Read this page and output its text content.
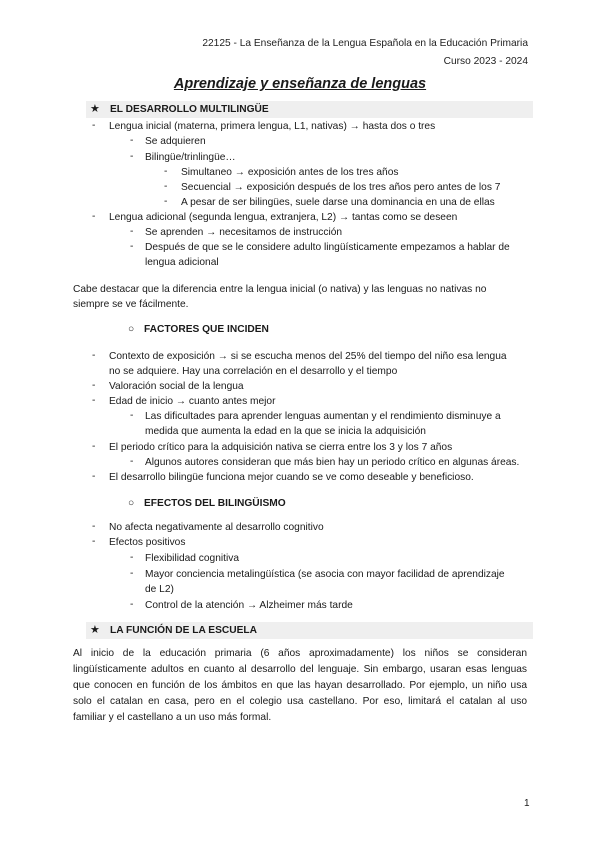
22125 - La Enseñanza de la Lengua Española en la Educación Primaria
Curso 2023 - 2024
Aprendizaje y enseñanza de lenguas
★ EL DESARROLLO MULTILINGÜE
- Lengua inicial (materna, primera lengua, L1, nativas) → hasta dos o tres
- Se adquieren
- Bilingüe/trinlingüe…
- Simultaneo → exposición antes de los tres años
- Secuencial → exposición después de los tres años pero antes de los 7
- A pesar de ser bilingües, suele darse una dominancia en una de ellas
- Lengua adicional (segunda lengua, extranjera, L2) → tantas como se deseen
- Se aprenden → necesitamos de instrucción
- Después de que se le considere adulto lingüísticamente empezamos a hablar de
lengua adicional
Cabe destacar que la diferencia entre la lengua inicial (o nativa) y las lenguas no nativas no
siempre se ve fácilmente.
○ FACTORES QUE INCIDEN
- Contexto de exposición → si se escucha menos del 25% del tiempo del niño esa lengua
no se adquiere. Hay una correlación en el desarrollo y el tiempo
- Valoración social de la lengua
- Edad de inicio → cuanto antes mejor
- Las dificultades para aprender lenguas aumentan y el rendimiento disminuye a
medida que aumenta la edad en la que se inicia la adquisición
- El periodo crítico para la adquisición nativa se cierra entre los 3 y los 7 años
- Algunos autores consideran que más bien hay un periodo crítico en algunas áreas.
- El desarrollo bilingüe funciona mejor cuando se ve como deseable y beneficioso.
○ EFECTOS DEL BILINGÜISMO
- No afecta negativamente al desarrollo cognitivo
- Efectos positivos
- Flexibilidad cognitiva
- Mayor conciencia metalingüística (se asocia con mayor facilidad de aprendizaje
de L2)
- Control de la atención → Alzheimer más tarde
★ LA FUNCIÓN DE LA ESCUELA
Al inicio de la educación primaria (6 años aproximadamente) los niños se consideran
lingüísticamente adultos en cuanto al desarrollo del lenguaje. Sin embargo, usaran esas lenguas
que conocen en función de los ámbitos en que las hayan desarrollado. Por ejemplo, un niño usa
solo el catalan en casa, pero en el colegio usa castellano. Por eso, limitará el catalan al uso
familiar y el castellano a un uso más formal.
1
